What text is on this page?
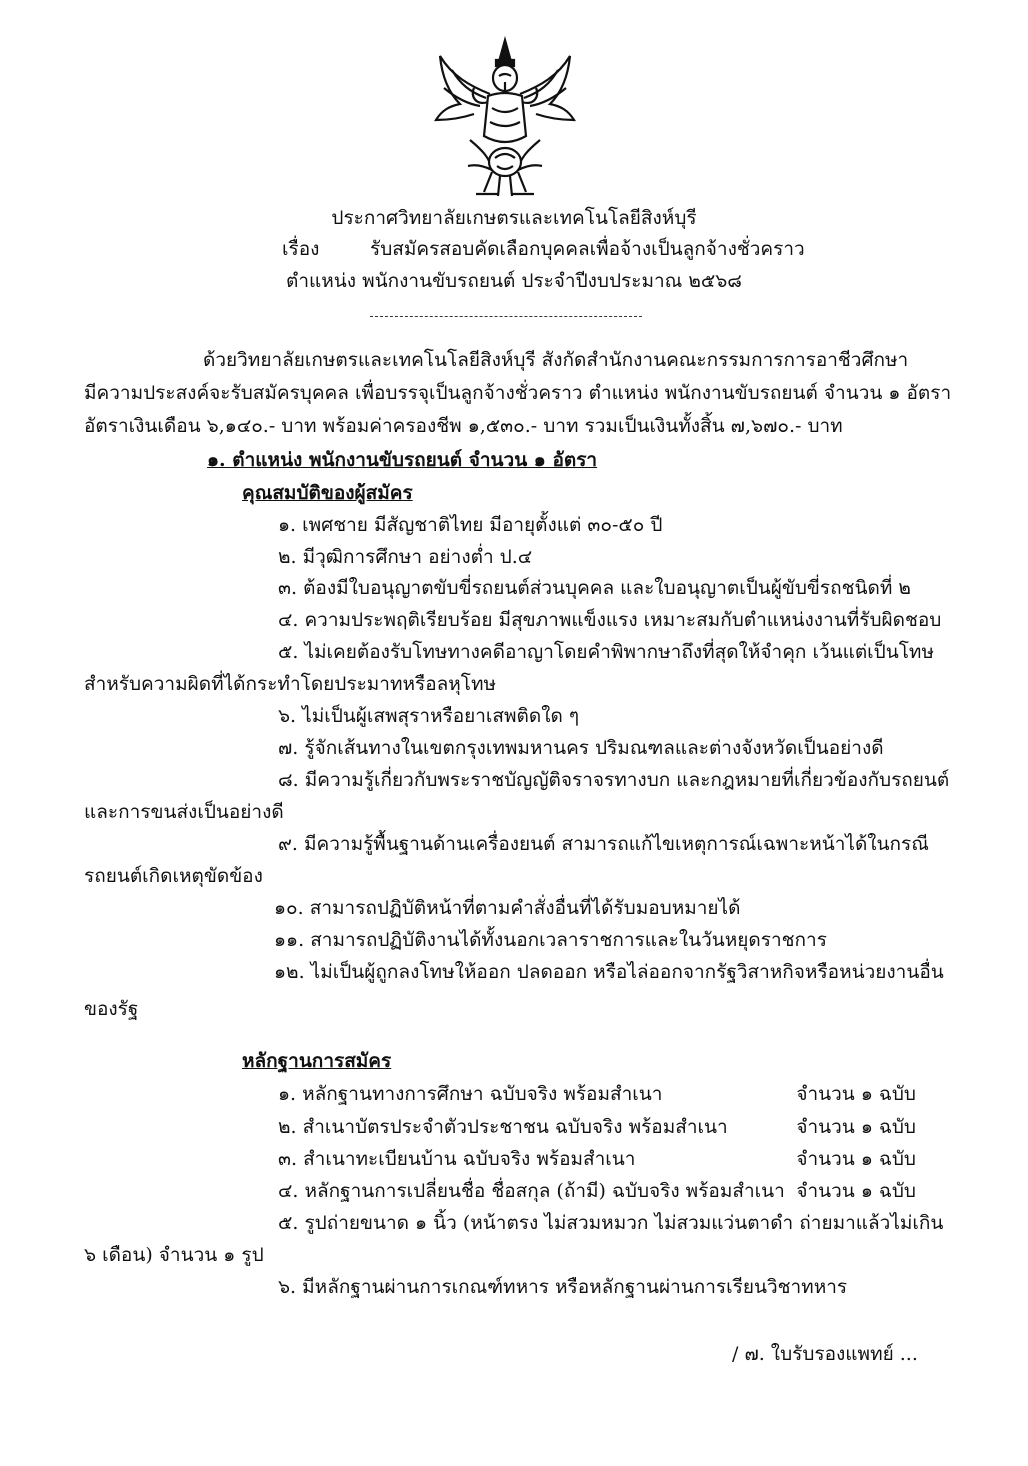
ประกาศวิทยาลัยเกษตรและเทคโนโลยีสิงห์บุรี
เรื่อง	รับสมัครสอบคัดเลือกบุคคลเพื่อจ้างเป็นลูกจ้างชั่วคราว
ตำแหน่ง พนักงานขับรถยนต์ ประจำปีงบประมาณ ๒๕๖๘
ด้วยวิทยาลัยเกษตรและเทคโนโลยีสิงห์บุรี สังกัดสำนักงานคณะกรรมการการอาชีวศึกษา
มีความประสงค์จะรับสมัครบุคคล เพื่อบรรจุเป็นลูกจ้างชั่วคราว ตำแหน่ง พนักงานขับรถยนต์ จำนวน ๑ อัตรา
อัตราเงินเดือน ๖,๑๔๐.- บาท พร้อมค่าครองชีพ ๑,๕๓๐.- บาท รวมเป็นเงินทั้งสิ้น ๗,๖๗๐.- บาท
๑. ตำแหน่ง พนักงานขับรถยนต์ จำนวน ๑ อัตรา
คุณสมบัติของผู้สมัคร
๑. เพศชาย มีสัญชาติไทย มีอายุตั้งแต่ ๓๐-๕๐ ปี
๒. มีวุฒิการศึกษา อย่างต่ำ ป.๔
๓. ต้องมีใบอนุญาตขับขี่รถยนต์ส่วนบุคคล และใบอนุญาตเป็นผู้ขับขี่รถชนิดที่ ๒
๔. ความประพฤติเรียบร้อย มีสุขภาพแข็งแรง เหมาะสมกับตำแหน่งงานที่รับผิดชอบ
๕. ไม่เคยต้องรับโทษทางคดีอาญาโดยคำพิพากษาถึงที่สุดให้จำคุก เว้นแต่เป็นโทษ
สำหรับความผิดที่ได้กระทำโดยประมาทหรือลหุโทษ
๖. ไม่เป็นผู้เสพสุราหรือยาเสพติดใด ๆ
๗. รู้จักเส้นทางในเขตกรุงเทพมหานคร ปริมณฑลและต่างจังหวัดเป็นอย่างดี
๘. มีความรู้เกี่ยวกับพระราชบัญญัติจราจรทางบก และกฎหมายที่เกี่ยวข้องกับรถยนต์
และการขนส่งเป็นอย่างดี
๙. มีความรู้พื้นฐานด้านเครื่องยนต์ สามารถแก้ไขเหตุการณ์เฉพาะหน้าได้ในกรณี
รถยนต์เกิดเหตุขัดข้อง
๑๐. สามารถปฏิบัติหน้าที่ตามคำสั่งอื่นที่ได้รับมอบหมายได้
๑๑. สามารถปฏิบัติงานได้ทั้งนอกเวลาราชการและในวันหยุดราชการ
๑๒. ไม่เป็นผู้ถูกลงโทษให้ออก ปลดออก หรือไล่ออกจากรัฐวิสาหกิจหรือหน่วยงานอื่น
ของรัฐ
หลักฐานการสมัคร
๑. หลักฐานทางการศึกษา ฉบับจริง พร้อมสำเนา	จำนวน ๑ ฉบับ
๒. สำเนาบัตรประจำตัวประชาชน ฉบับจริง พร้อมสำเนา	จำนวน ๑ ฉบับ
๓. สำเนาทะเบียนบ้าน ฉบับจริง พร้อมสำเนา	จำนวน ๑ ฉบับ
๔. หลักฐานการเปลี่ยนชื่อ ชื่อสกุล (ถ้ามี) ฉบับจริง พร้อมสำเนา จำนวน ๑ ฉบับ
๕. รูปถ่ายขนาด ๑ นิ้ว (หน้าตรง ไม่สวมหมวก ไม่สวมแว่นตาดำ ถ่ายมาแล้วไม่เกิน
๖ เดือน) จำนวน ๑ รูป
๖. มีหลักฐานผ่านการเกณฑ์ทหาร หรือหลักฐานผ่านการเรียนวิชาทหาร
/ ๗. ใบรับรองแพทย์ ...
